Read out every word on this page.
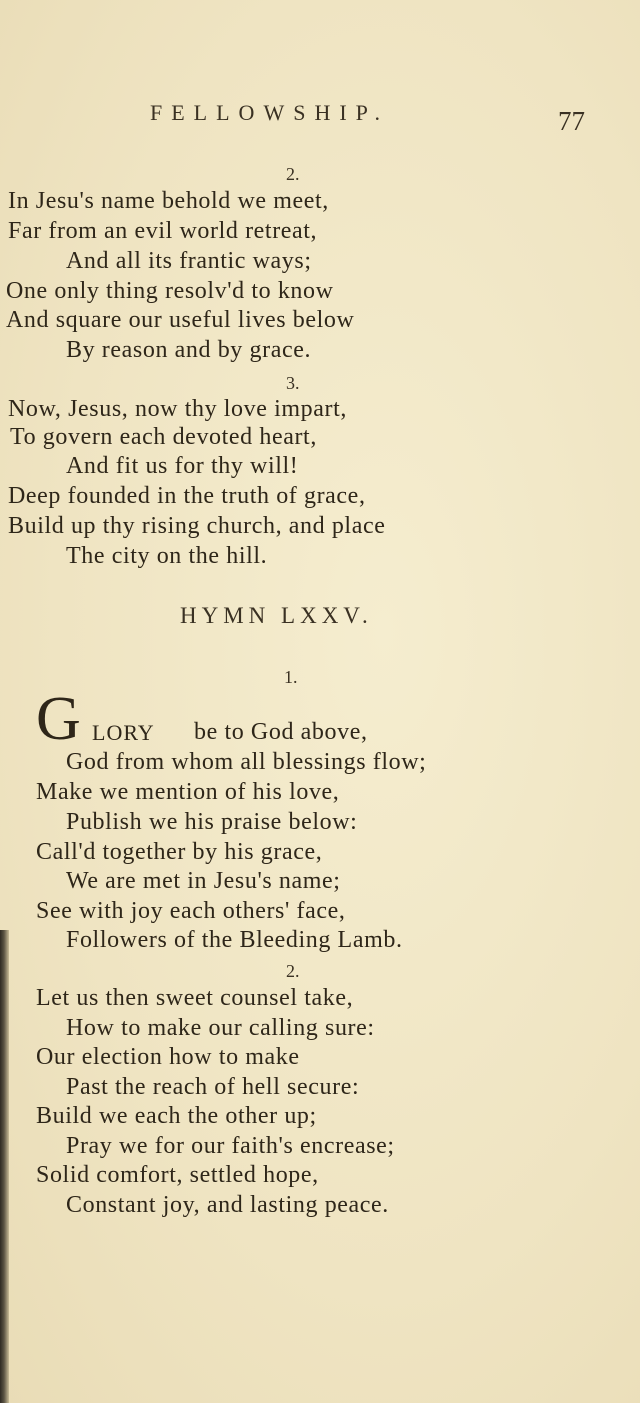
FELLOWSHIP.	77
2.
In Jesu's name behold we meet,
Far from an evil world retreat,
And all its frantic ways;
One only thing resolv'd to know
And square our useful lives below
By reason and by grace.
3.
Now, Jesus, now thy love impart,
To govern each devoted heart,
And fit us for thy will!
Deep founded in the truth of grace,
Build up thy rising church, and place
The city on the hill.
HYMN LXXV.
1.
G LORY be to God above,
God from whom all blessings flow;
Make we mention of his love,
Publish we his praise below:
Call'd together by his grace,
We are met in Jesu's name;
See with joy each others' face,
Followers of the Bleeding Lamb.
2.
Let us then sweet counsel take,
How to make our calling sure:
Our election how to make
Past the reach of hell secure:
Build we each the other up;
Pray we for our faith's encrease;
Solid comfort, settled hope,
Constant joy, and lasting peace.
